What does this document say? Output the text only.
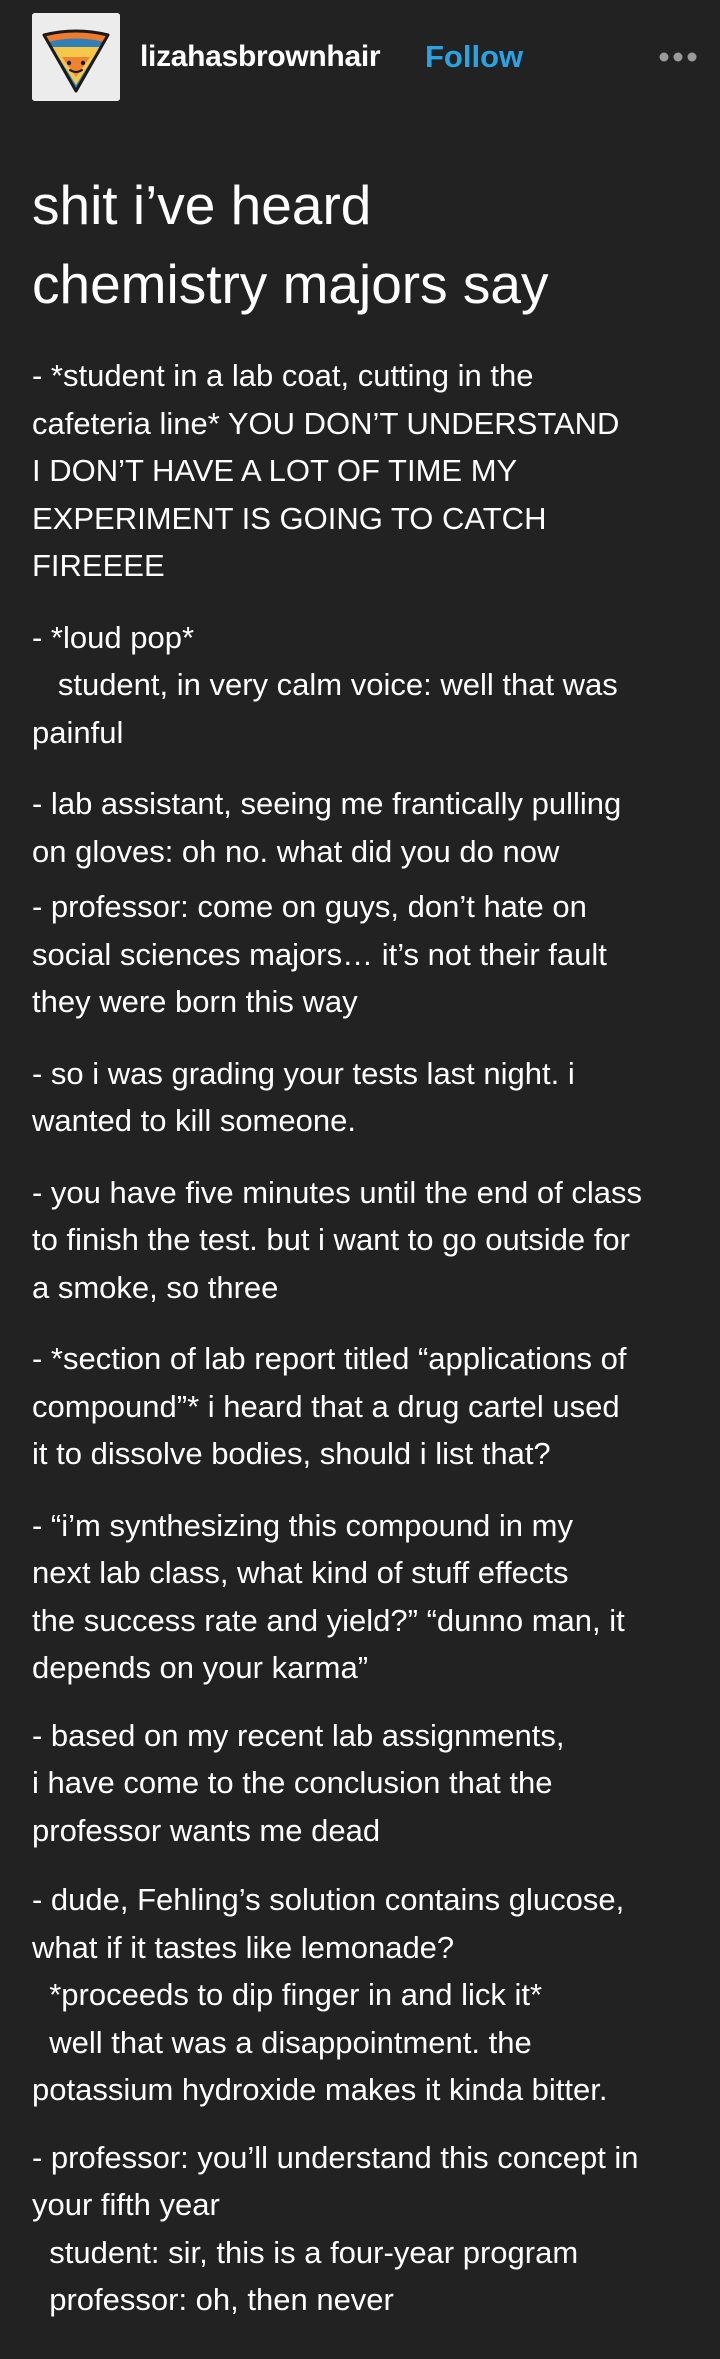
lizahasbrownhair Follow
shit i’ve heard
chemistry majors say

- *student in a lab coat, cutting in the
cafeteria line* YOU DON’T UNDERSTAND
I DON’T HAVE A LOT OF TIME MY
EXPERIMENT IS GOING TO CATCH
FIREEEE

- *loud pop*
student, in very calm voice: well that was
painful

- lab assistant, seeing me frantically pulling
on gloves: oh no. what did you do now

- professor: come on guys, don’t hate on
social sciences majors… it’s not their fault
they were born this way

- so i was grading your tests last night. i
wanted to kill someone.

- you have five minutes until the end of class
to finish the test. but i want to go outside for
a smoke, so three

- *section of lab report titled “applications of
compound”* i heard that a drug cartel used
it to dissolve bodies, should i list that?

- “i’m synthesizing this compound in my
next lab class, what kind of stuff effects
the success rate and yield?” “dunno man, it
depends on your karma”

- based on my recent lab assignments,
i have come to the conclusion that the
professor wants me dead

- dude, Fehling’s solution contains glucose,
what if it tastes like lemonade?
*proceeds to dip finger in and lick it*
well that was a disappointment. the
potassium hydroxide makes it kinda bitter.

- professor: you’ll understand this concept in
your fifth year
student: sir, this is a four-year program
professor: oh, then never
